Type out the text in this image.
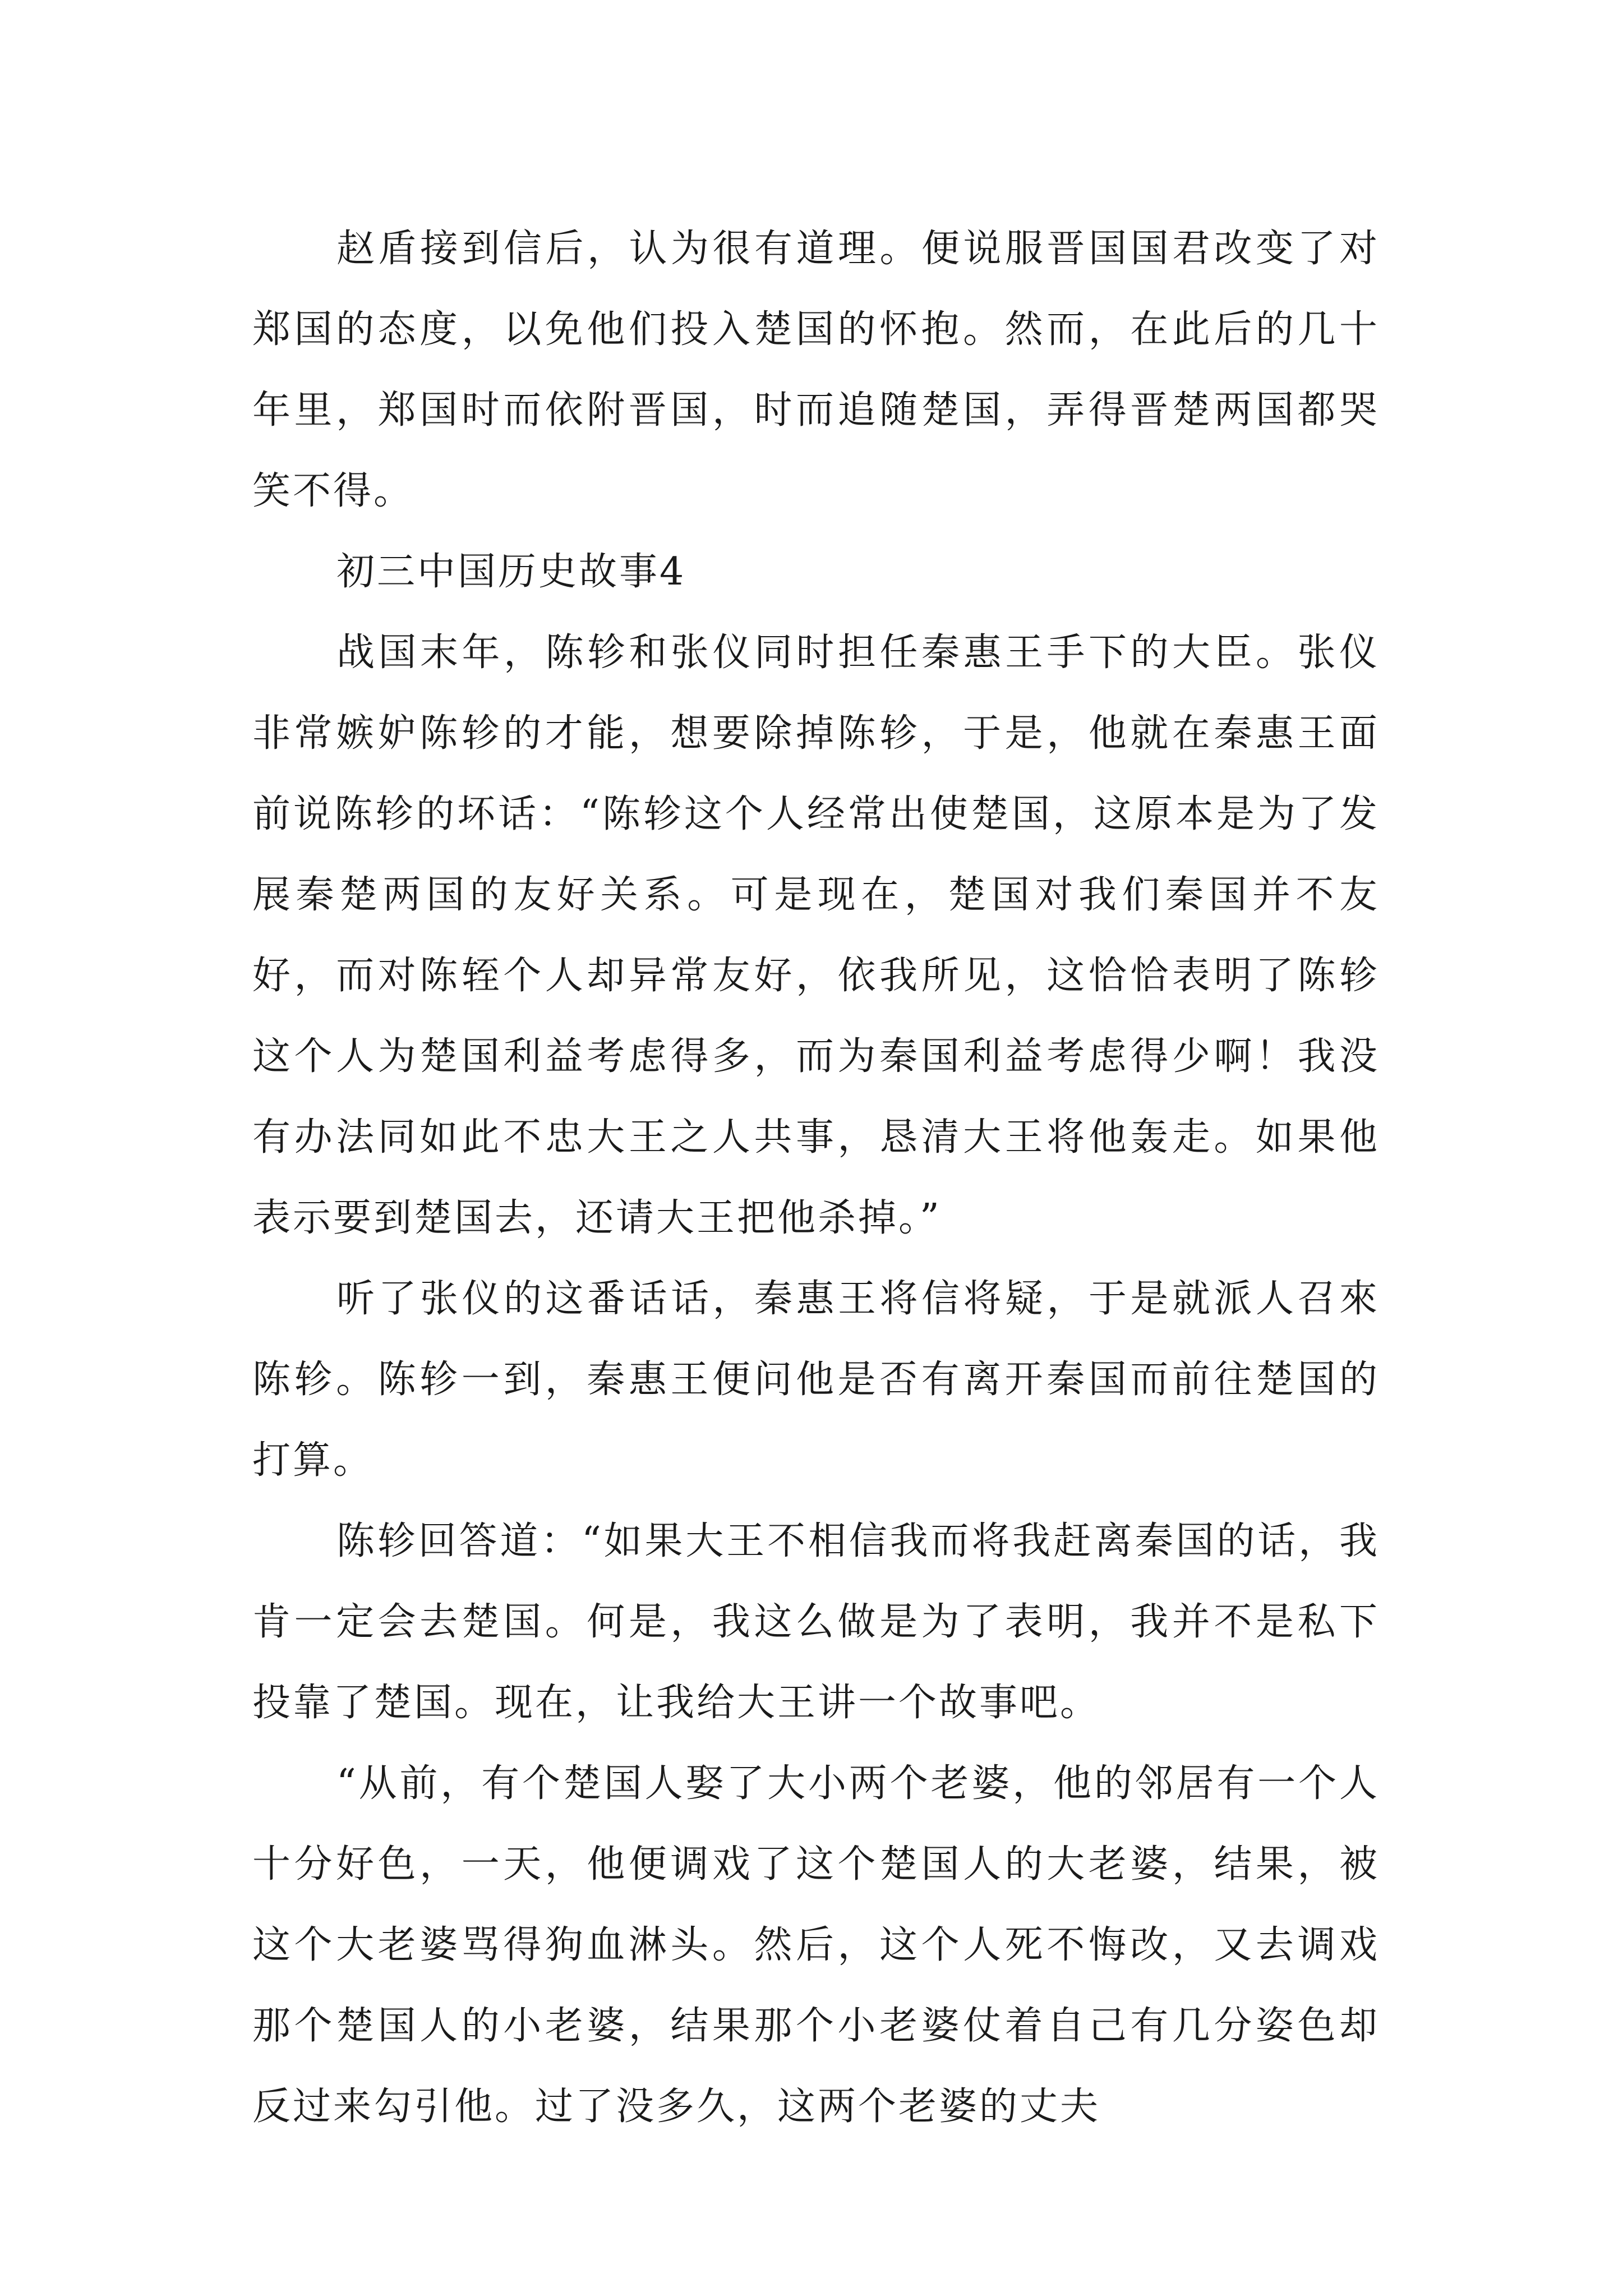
赵盾接到信后，认为很有道理。便说服晋国国君改变了对郑国的态度，以免他们投入楚国的怀抱。然而，在此后的几十年里，郑国时而依附晋国，时而追随楚国，弄得晋楚两国都哭笑不得。

初三中国历史故事4

战国末年，陈轸和张仪同时担任秦惠王手下的大臣。张仪非常嫉妒陈轸的才能，想要除掉陈轸，于是，他就在秦惠王面前说陈轸的坏话：“陈轸这个人经常出使楚国，这原本是为了发展秦楚两国的友好关系。可是现在，楚国对我们秦国并不友好，而对陈轾个人却异常友好，依我所见，这恰恰表明了陈轸这个人为楚国利益考虑得多，而为秦国利益考虑得少啊！我没有办法同如此不忠大王之人共事，恳清大王将他轰走。如果他表示要到楚国去，还请大王把他杀掉。”

听了张仪的这番话话，秦惠王将信将疑，于是就派人召來陈轸。陈轸一到，秦惠王便问他是否有离开秦国而前往楚国的打算。

陈轸回答道：“如果大王不相信我而将我赶离秦国的话，我肯一定会去楚国。何是，我这么做是为了表明，我并不是私下投靠了楚国。现在，让我给大王讲一个故事吧。

“从前，有个楚国人娶了大小两个老婆，他的邻居有一个人十分好色，一天，他便调戏了这个楚国人的大老婆，结果，被这个大老婆骂得狗血淋头。然后，这个人死不悔改，又去调戏那个楚国人的小老婆，结果那个小老婆仗着自己有几分姿色却反过来勾引他。过了没多久，这两个老婆的丈夫
